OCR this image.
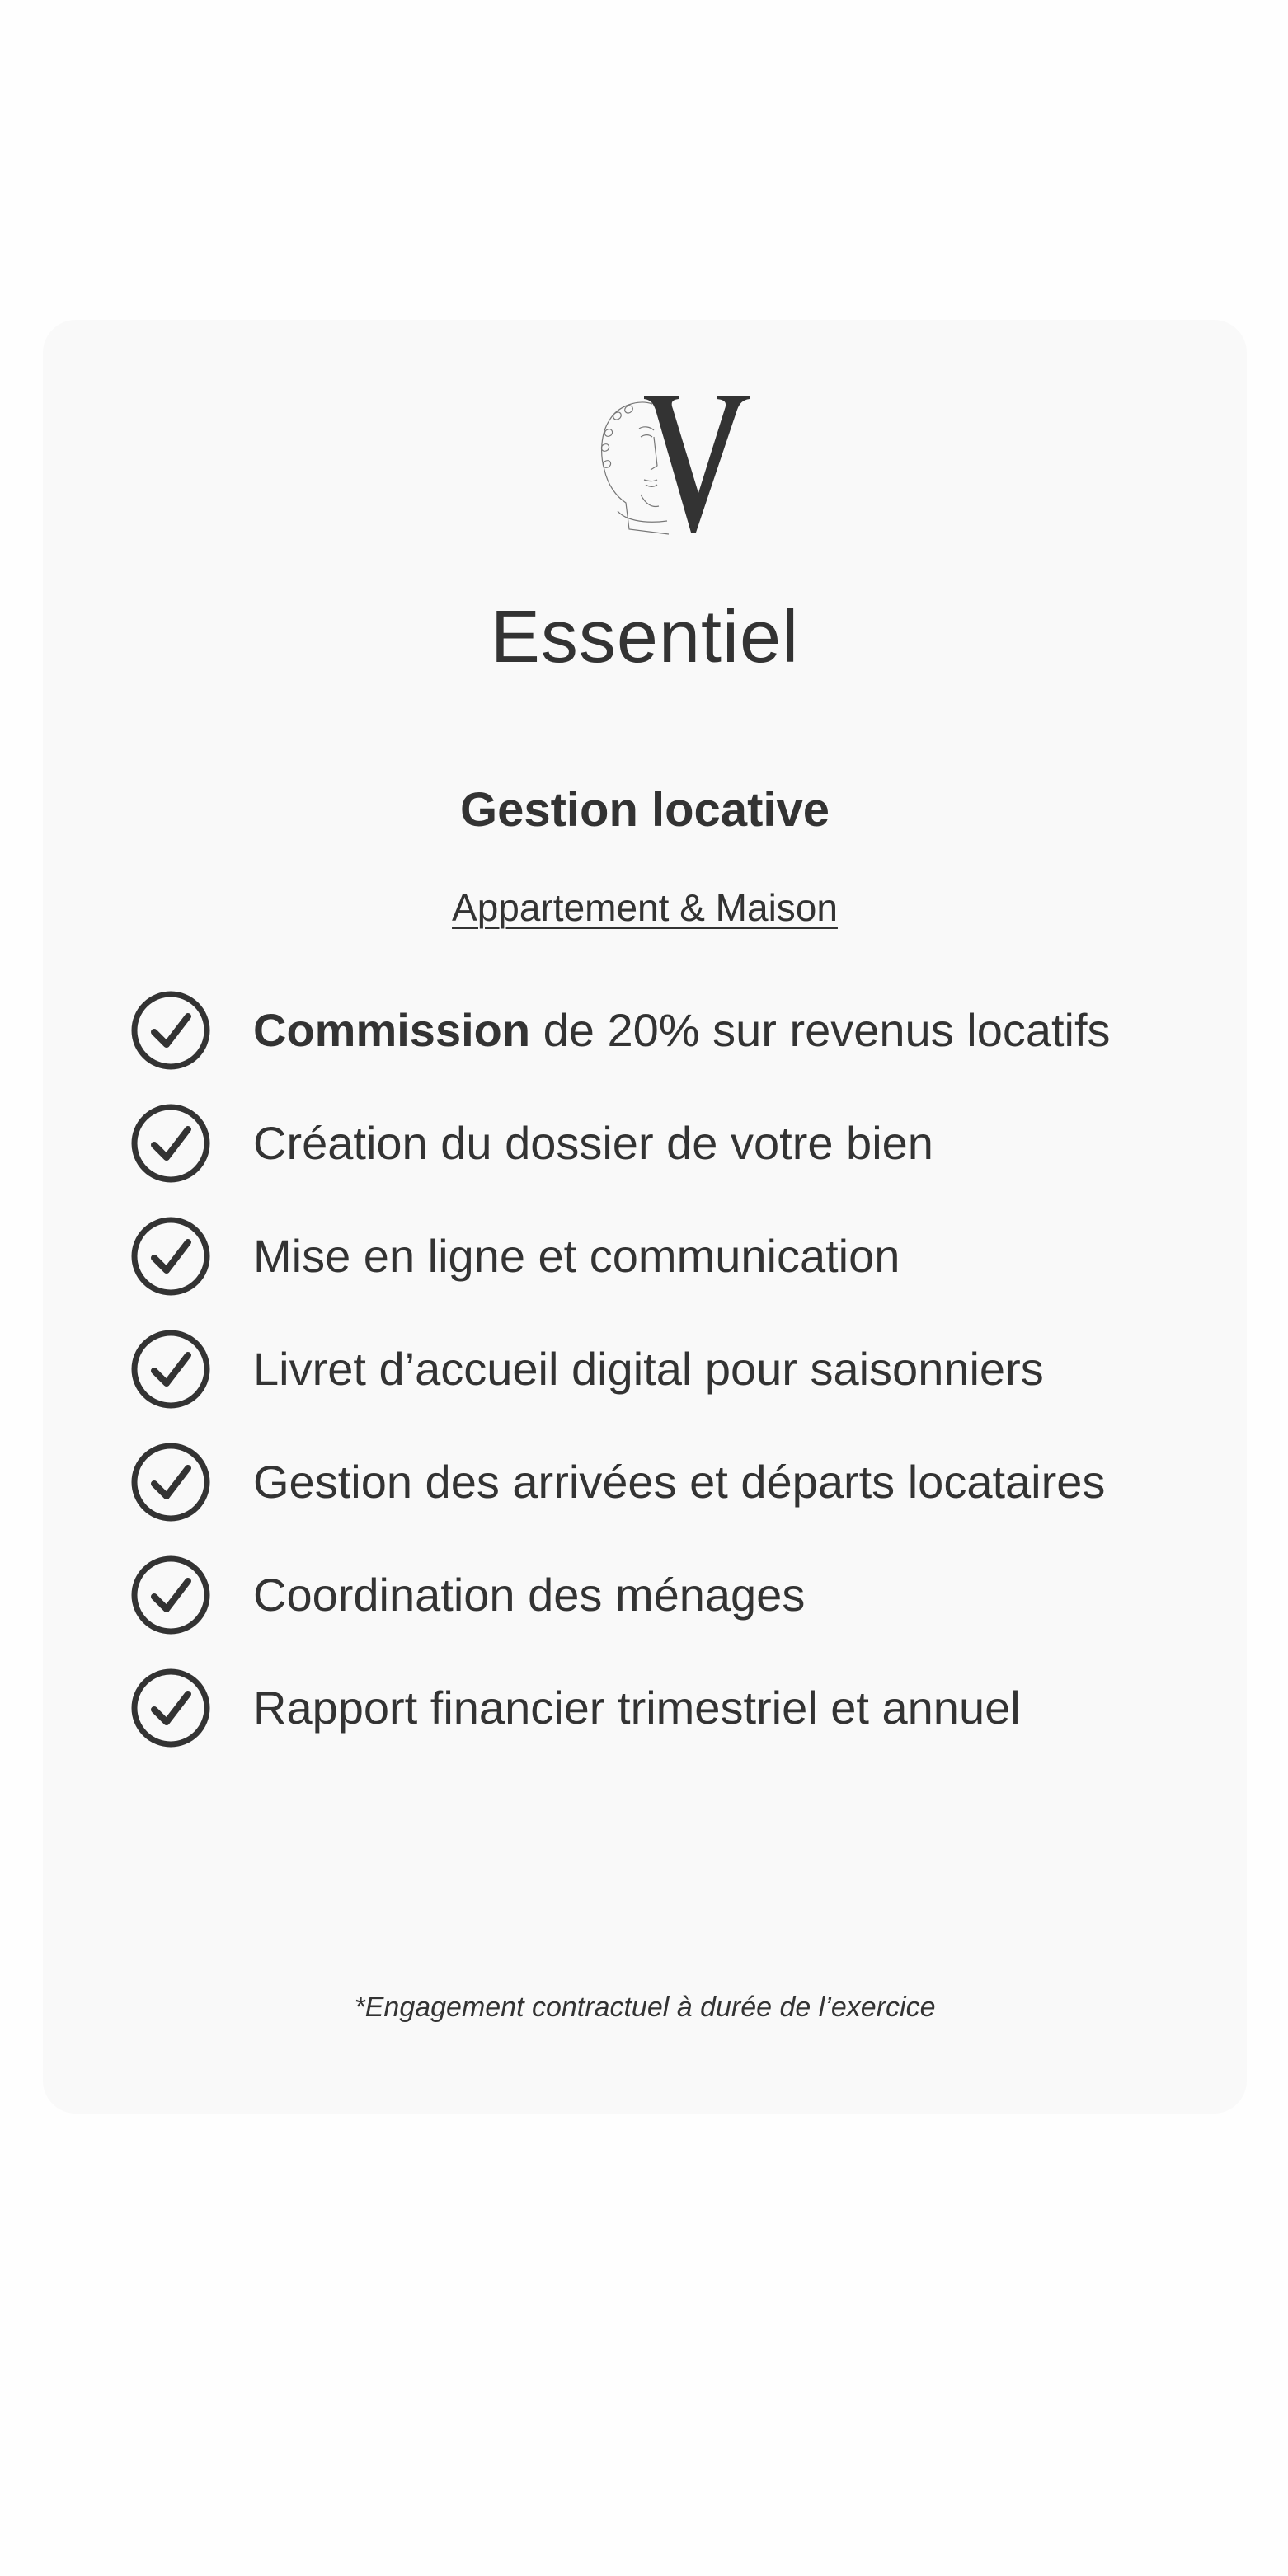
Essentiel
Gestion locative
Appartement & Maison
Commission de 20% sur revenus locatifs
Création du dossier de votre bien
Mise en ligne et communication
Livret d’accueil digital pour saisonniers
Gestion des arrivées et départs locataires
Coordination des ménages
Rapport financier trimestriel et annuel
*Engagement contractuel à durée de l’exercice
